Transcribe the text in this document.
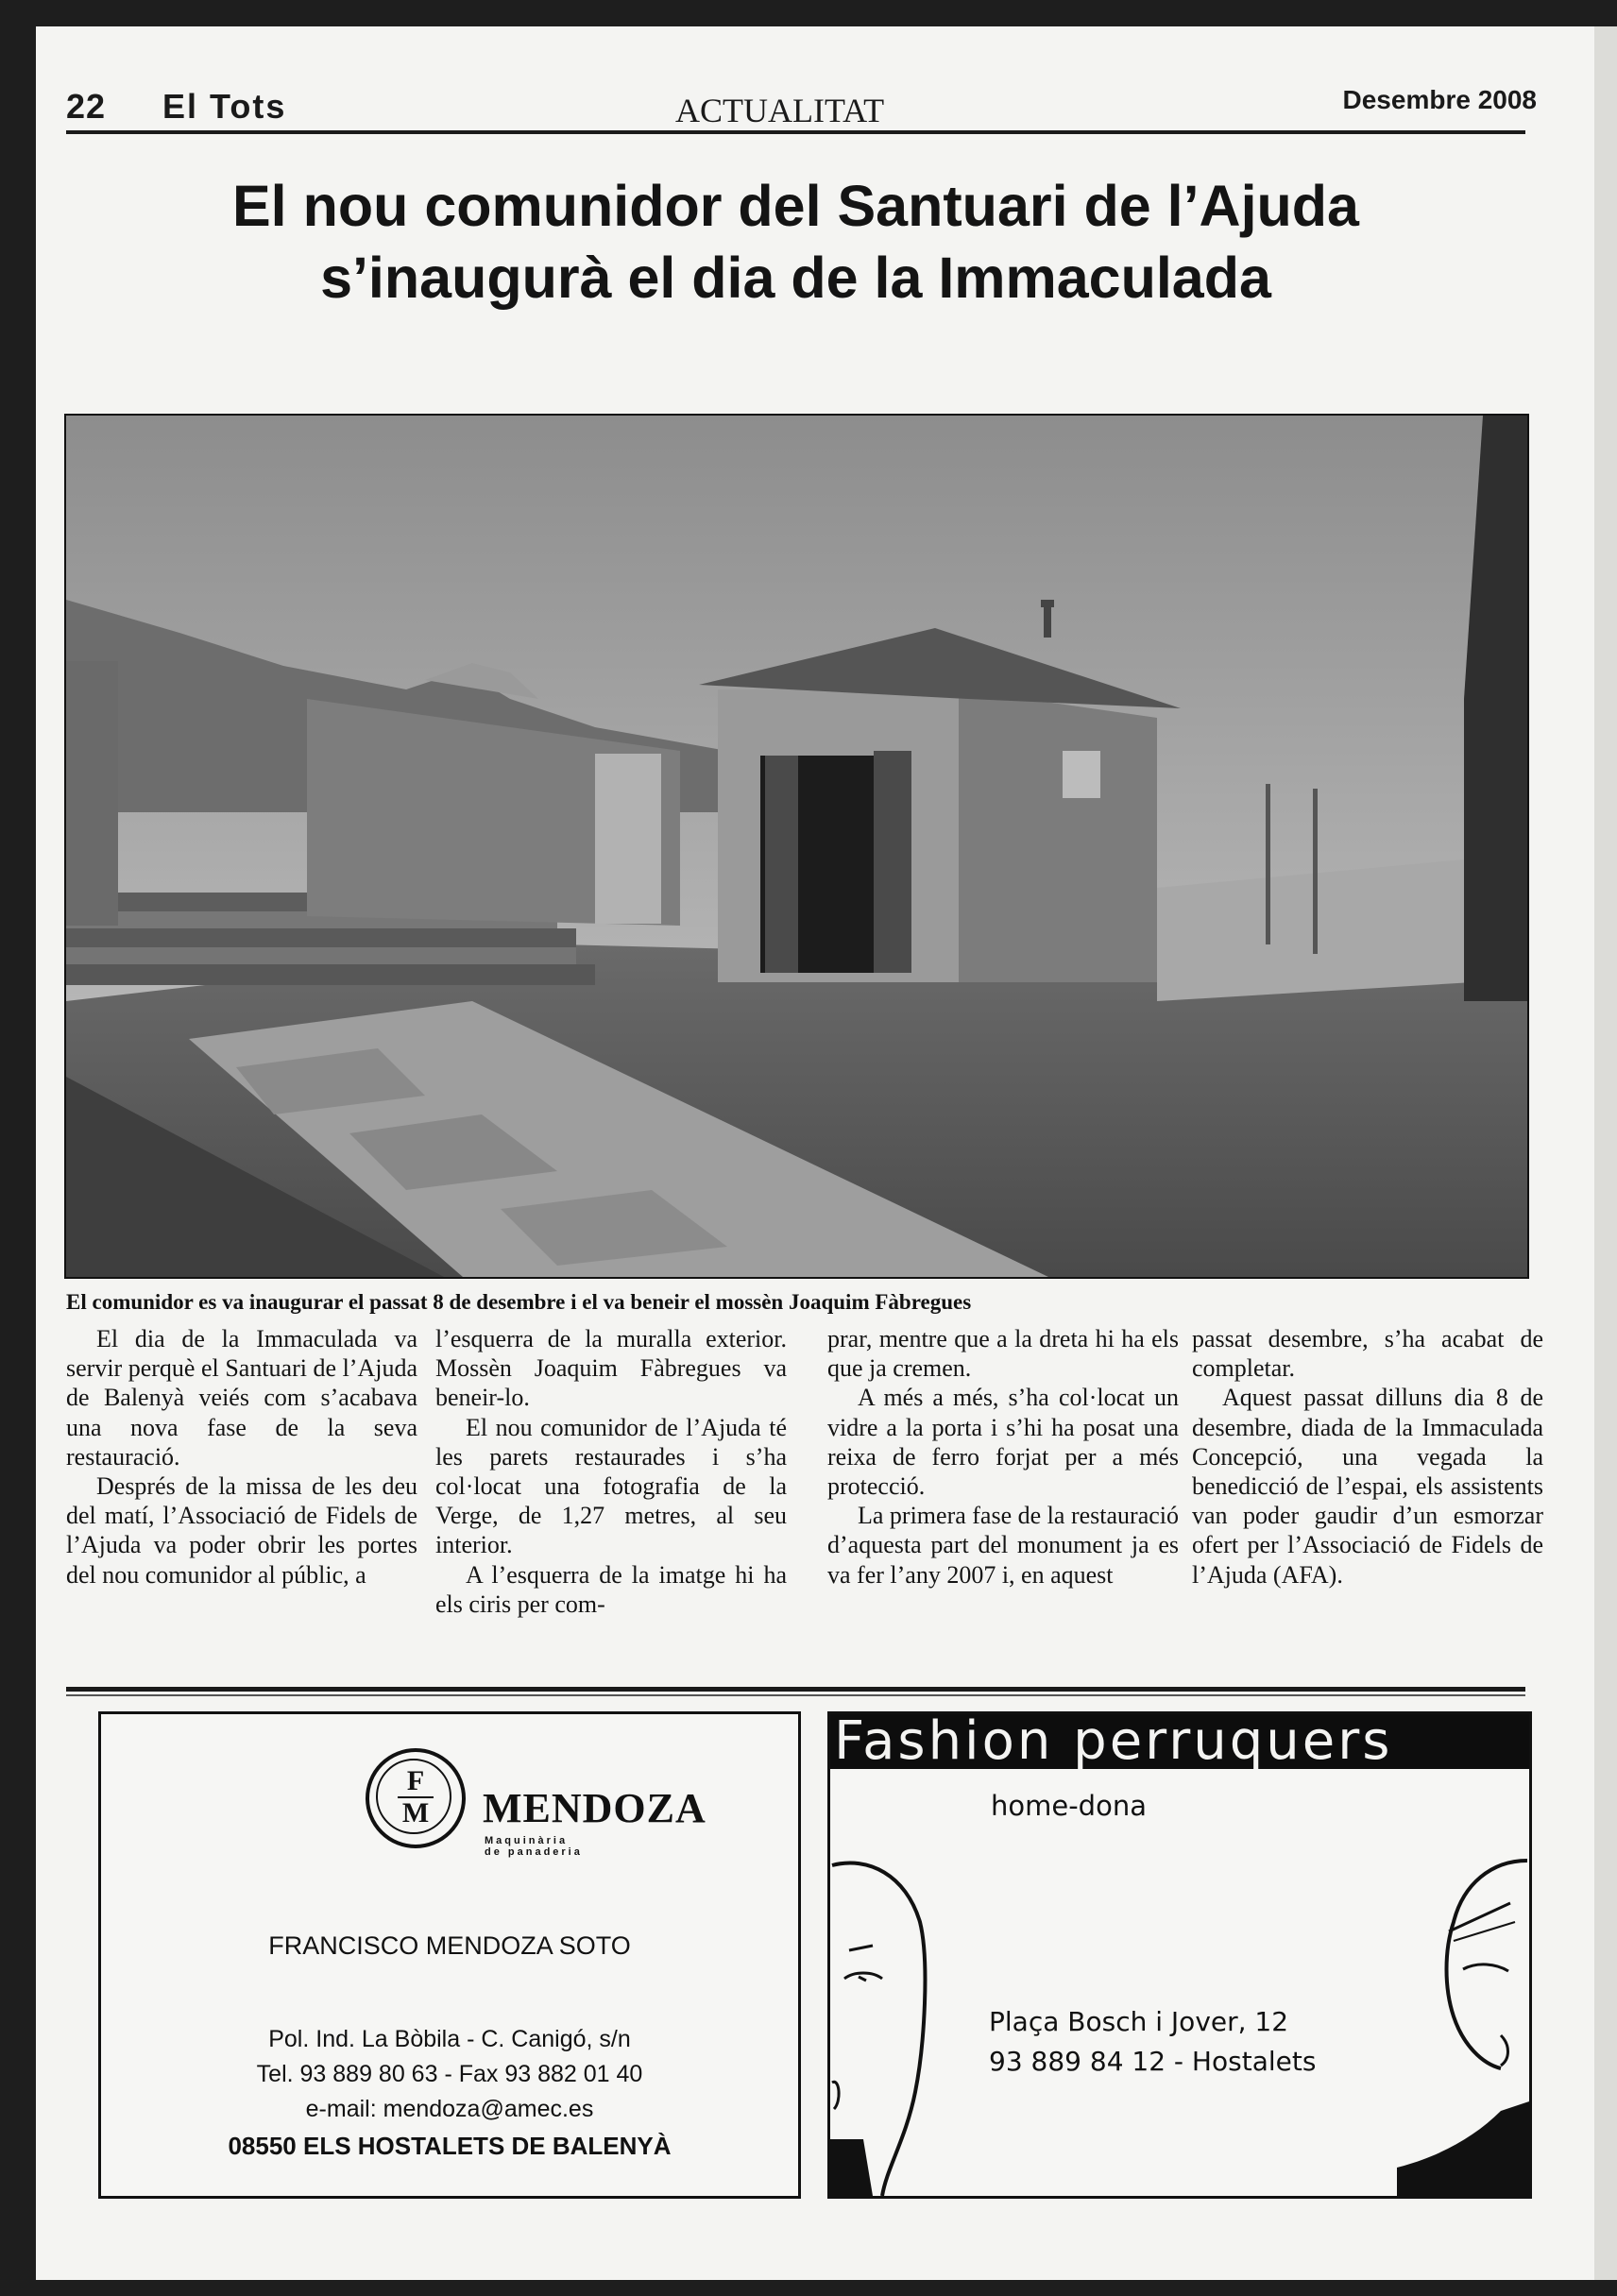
22 El Tots	ACTUALITAT	Desembre 2008
El nou comunidor del Santuari de l’Ajuda
s’inaugurà el dia de la Immaculada
El comunidor es va inaugurar el passat 8 de desembre i el va beneir el mossèn Joaquim Fàbregues

El dia de la Immaculada va servir perquè el Santuari de l’Ajuda de Balenyà veiés com s’acabava una nova fase de la seva restauració.

Després de la missa de les deu del matí, l’Associació de Fidels de l’Ajuda va poder obrir les portes del nou comunidor al públic, a

l’esquerra de la muralla exterior. Mossèn Joaquim Fàbregues va beneir-lo.

El nou comunidor de l’Ajuda té les parets restaurades i s’ha col·locat una fotografia de la Verge, de 1,27 metres, al seu interior.

A l’esquerra de la imatge hi ha els ciris per com-

prar, mentre que a la dreta hi ha els que ja cremen.

A més a més, s’ha col·locat un vidre a la porta i s’hi ha posat una reixa de ferro forjat per a més protecció.

La primera fase de la restauració d’aquesta part del monument ja es va fer l’any 2007 i, en aquest

passat desembre, s’ha acabat de completar.

Aquest passat dilluns dia 8 de desembre, diada de la Immaculada Concepció, una vegada la benedicció de l’espai, els assistents van poder gaudir d’un esmorzar ofert per l’Associació de Fidels de l’Ajuda (AFA).

F
M	MENDOZA
Maquinària
de panaderia
FRANCISCO MENDOZA SOTO
Pol. Ind. La Bòbila - C. Canigó, s/n
Tel. 93 889 80 63 - Fax 93 882 01 40
e-mail: mendoza@amec.es
08550 ELS HOSTALETS DE BALENYÀ
Fashion perruquers
home-dona
Plaça Bosch i Jover, 12
93 889 84 12 - Hostalets
